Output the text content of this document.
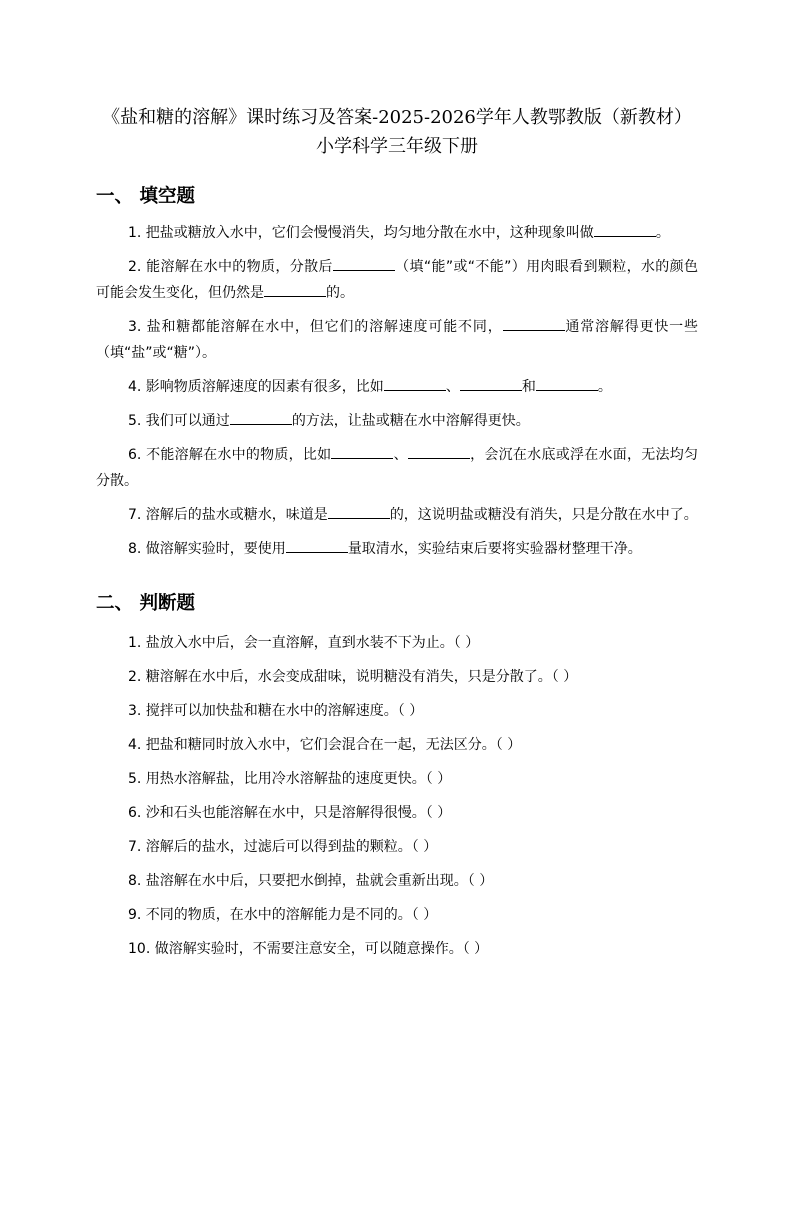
《盐和糖的溶解》课时练习及答案-2025-2026学年人教鄂教版（新教材） 小学科学三年级下册
一、 填空题
1. 把盐或糖放入水中，它们会慢慢消失，均匀地分散在水中，这种现象叫做	。
2. 能溶解在水中的物质，分散后	（填“能”或“不能”）用肉眼看到颗粒，水的颜色可能会发生变化，但仍然是	的。
3. 盐和糖都能溶解在水中，但它们的溶解速度可能不同，	通常溶解得更快一些（填“盐”或“糖”）。
4. 影响物质溶解速度的因素有很多，比如	、	和	。
5. 我们可以通过	的方法，让盐或糖在水中溶解得更快。
6. 不能溶解在水中的物质，比如	、	，会沉在水底或浮在水面，无法均匀分散。
7. 溶解后的盐水或糖水，味道是	的，这说明盐或糖没有消失，只是分散在水中了。
8. 做溶解实验时，要使用	量取清水，实验结束后要将实验器材整理干净。
二、 判断题
1. 盐放入水中后，会一直溶解，直到水装不下为止。（ ）
2. 糖溶解在水中后，水会变成甜味，说明糖没有消失，只是分散了。（ ）
3. 搅拌可以加快盐和糖在水中的溶解速度。（ ）
4. 把盐和糖同时放入水中，它们会混合在一起，无法区分。（ ）
5. 用热水溶解盐，比用冷水溶解盐的速度更快。（ ）
6. 沙和石头也能溶解在水中，只是溶解得很慢。（ ）
7. 溶解后的盐水，过滤后可以得到盐的颗粒。（ ）
8. 盐溶解在水中后，只要把水倒掉，盐就会重新出现。（ ）
9. 不同的物质，在水中的溶解能力是不同的。（ ）
10. 做溶解实验时，不需要注意安全，可以随意操作。（ ）
